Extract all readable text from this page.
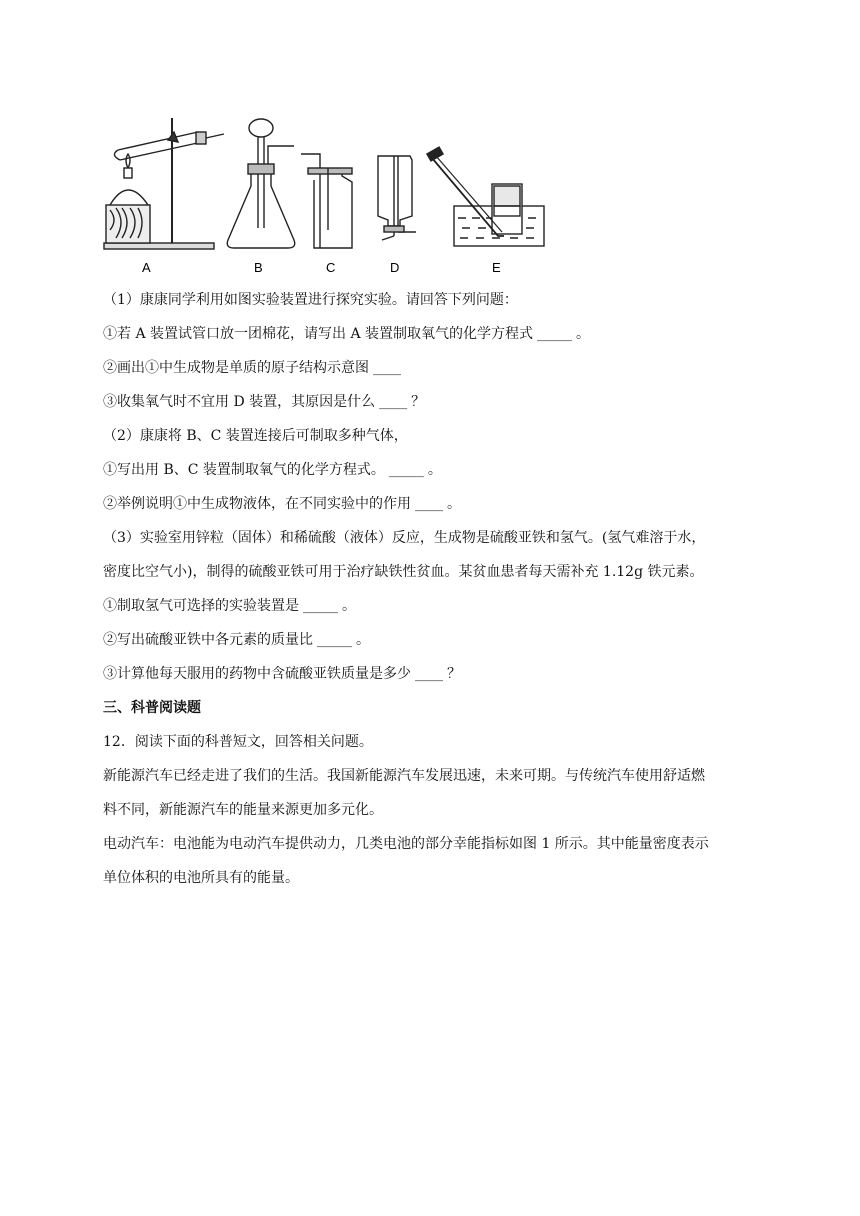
A	B	C	D	E
（1）康康同学利用如图实验装置进行探究实验。请回答下列问题：
①若 A 装置试管口放一团棉花，请写出 A 装置制取氧气的化学方程式 _____ 。
②画出①中生成物是单质的原子结构示意图 ____
③收集氧气时不宜用 D 装置，其原因是什么 ____ ？
（2）康康将 B、C 装置连接后可制取多种气体，
①写出用 B、C 装置制取氧气的化学方程式。 _____ 。
②举例说明①中生成物液体，在不同实验中的作用 ____ 。
（3）实验室用锌粒（固体）和稀硫酸（液体）反应，生成物是硫酸亚铁和氢气。(氢气难溶于水，
密度比空气小)，制得的硫酸亚铁可用于治疗缺铁性贫血。某贫血患者每天需补充 1.12g 铁元素。
①制取氢气可选择的实验装置是 _____ 。
②写出硫酸亚铁中各元素的质量比 _____ 。
③计算他每天服用的药物中含硫酸亚铁质量是多少 ____ ？
三、科普阅读题
12．阅读下面的科普短文，回答相关问题。
新能源汽车已经走进了我们的生活。我国新能源汽车发展迅速，未来可期。与传统汽车使用舒适燃
料不同，新能源汽车的能量来源更加多元化。
电动汽车：电池能为电动汽车提供动力，几类电池的部分幸能指标如图 1 所示。其中能量密度表示
单位体积的电池所具有的能量。
